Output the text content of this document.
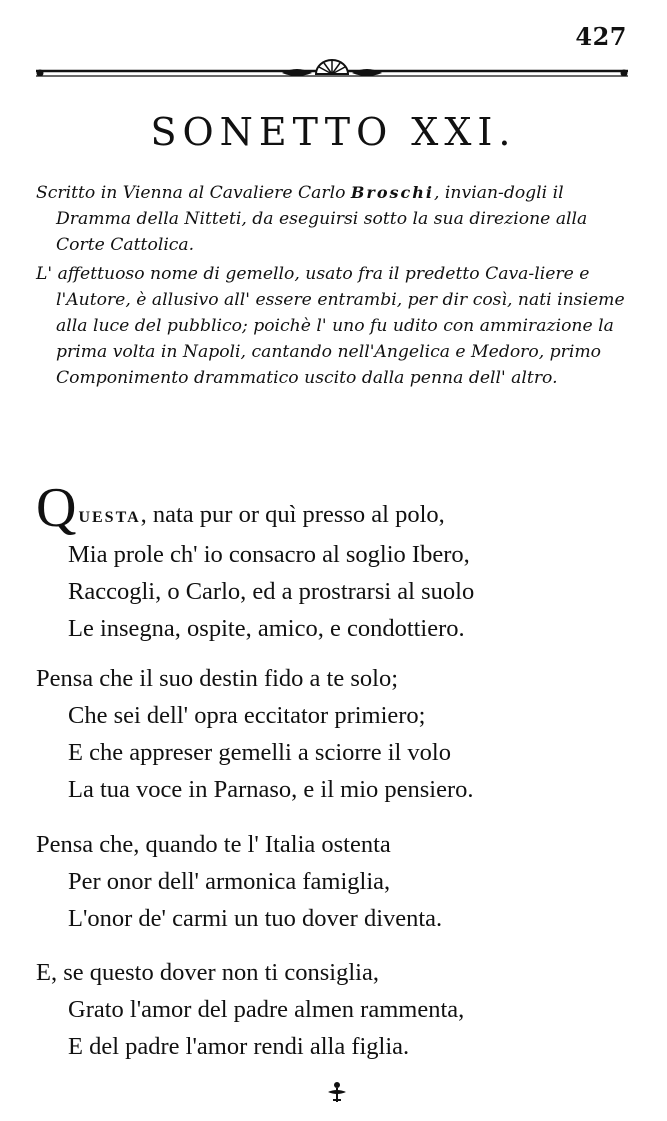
427
SONETTO XXI.

Scritto in Vienna al Cavaliere Carlo Broschi, invian-dogli il Dramma della Nitteti, da eseguirsi sotto la sua direzione alla Corte Cattolica.

L' affettuoso nome di gemello, usato fra il predetto Cava-liere e l'Autore, è allusivo all' essere entrambi, per dir così, nati insieme alla luce del pubblico; poichè l' uno fu udito con ammirazione la prima volta in Napoli, cantando nell'Angelica e Medoro, primo Componimento drammatico uscito dalla penna dell' altro.

QUESTA, nata pur or quì presso al polo,
Mia prole ch' io consacro al soglio Ibero,
Raccogli, o Carlo, ed a prostrarsi al suolo
Le insegna, ospite, amico, e condottiero.
Pensa che il suo destin fido a te solo;
Che sei dell' opra eccitator primiero;
E che appreser gemelli a sciorre il volo
La tua voce in Parnaso, e il mio pensiero.
Pensa che, quando te l' Italia ostenta
Per onor dell' armonica famiglia,
L'onor de' carmi un tuo dover diventa.
E, se questo dover non ti consiglia,
Grato l'amor del padre almen rammenta,
E del padre l'amor rendi alla figlia.
